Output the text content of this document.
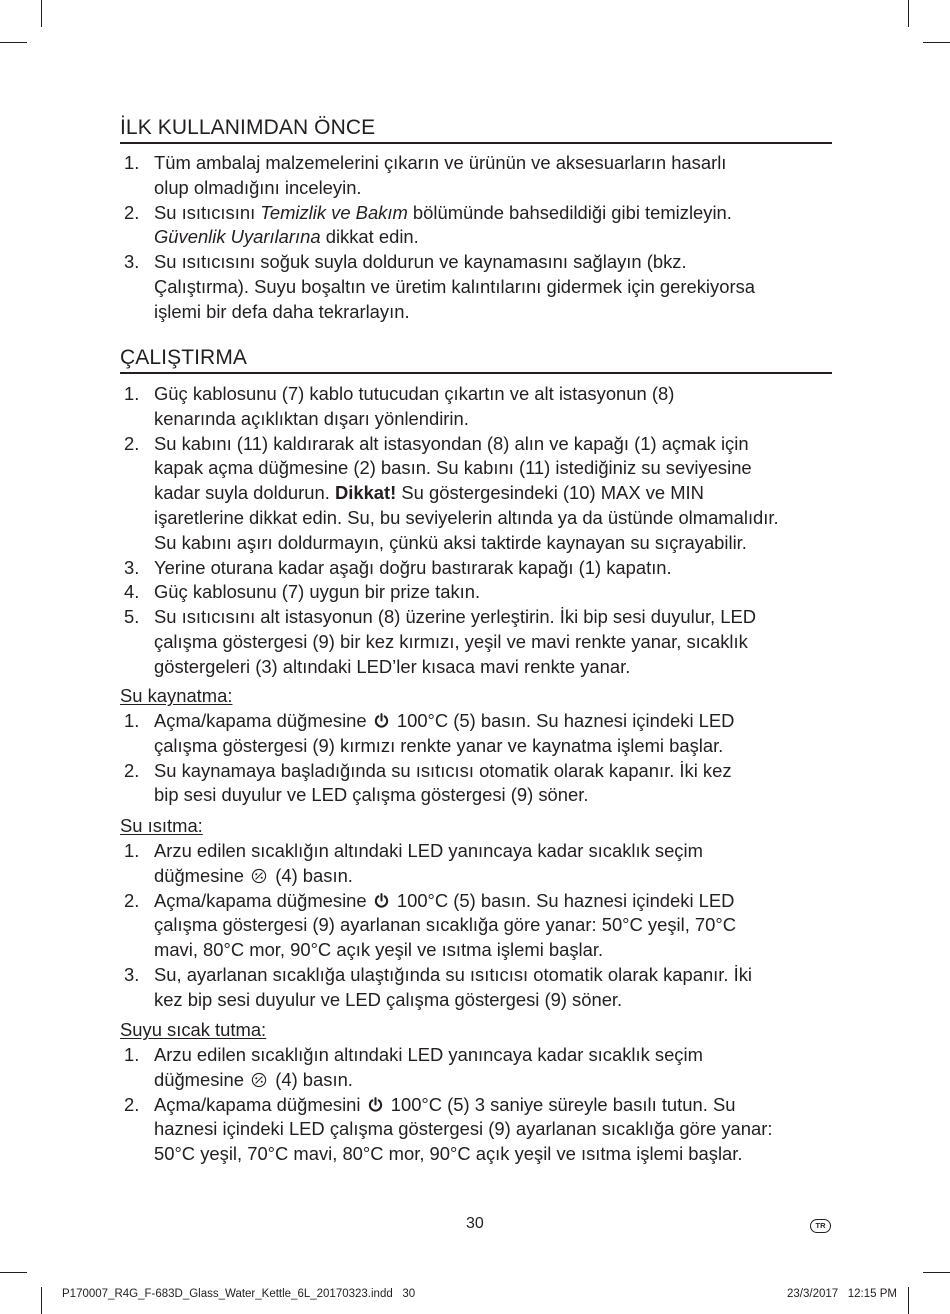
İLK KULLANIMDAN ÖNCE
1. Tüm ambalaj malzemelerini çıkarın ve ürünün ve aksesuarların hasarlı
olup olmadığını inceleyin.
2. Su ısıtıcısını Temizlik ve Bakım bölümünde bahsedildiği gibi temizleyin.
Güvenlik Uyarılarına dikkat edin.
3. Su ısıtıcısını soğuk suyla doldurun ve kaynamasını sağlayın (bkz.
Çalıştırma). Suyu boşaltın ve üretim kalıntılarını gidermek için gerekiyorsa
işlemi bir defa daha tekrarlayın.
ÇALIŞTIRMA
1. Güç kablosunu (7) kablo tutucudan çıkartın ve alt istasyonun (8)
kenarında açıklıktan dışarı yönlendirin.
2. Su kabını (11) kaldırarak alt istasyondan (8) alın ve kapağı (1) açmak için
kapak açma düğmesine (2) basın. Su kabını (11) istediğiniz su seviyesine
kadar suyla doldurun. Dikkat! Su göstergesindeki (10) MAX ve MIN
işaretlerine dikkat edin. Su, bu seviyelerin altında ya da üstünde olmamalıdır.
Su kabını aşırı doldurmayın, çünkü aksi taktirde kaynayan su sıçrayabilir.
3. Yerine oturana kadar aşağı doğru bastırarak kapağı (1) kapatın.
4. Güç kablosunu (7) uygun bir prize takın.
5. Su ısıtıcısını alt istasyonun (8) üzerine yerleştirin. İki bip sesi duyulur, LED
çalışma göstergesi (9) bir kez kırmızı, yeşil ve mavi renkte yanar, sıcaklık
göstergeleri (3) altındaki LED’ler kısaca mavi renkte yanar.
Su kaynatma:
1. Açma/kapama düğmesine 100°C (5) basın. Su haznesi içindeki LED
çalışma göstergesi (9) kırmızı renkte yanar ve kaynatma işlemi başlar.
2. Su kaynamaya başladığında su ısıtıcısı otomatik olarak kapanır. İki kez
bip sesi duyulur ve LED çalışma göstergesi (9) söner.
Su ısıtma:
1. Arzu edilen sıcaklığın altındaki LED yanıncaya kadar sıcaklık seçim
düğmesine (4) basın.
2. Açma/kapama düğmesine 100°C (5) basın. Su haznesi içindeki LED
çalışma göstergesi (9) ayarlanan sıcaklığa göre yanar: 50°C yeşil, 70°C
mavi, 80°C mor, 90°C açık yeşil ve ısıtma işlemi başlar.
3. Su, ayarlanan sıcaklığa ulaştığında su ısıtıcısı otomatik olarak kapanır. İki
kez bip sesi duyulur ve LED çalışma göstergesi (9) söner.
Suyu sıcak tutma:
1. Arzu edilen sıcaklığın altındaki LED yanıncaya kadar sıcaklık seçim
düğmesine (4) basın.
2. Açma/kapama düğmesini 100°C (5) 3 saniye süreyle basılı tutun. Su
haznesi içindeki LED çalışma göstergesi (9) ayarlanan sıcaklığa göre yanar:
50°C yeşil, 70°C mavi, 80°C mor, 90°C açık yeşil ve ısıtma işlemi başlar.
30	TR
P170007_R4G_F-683D_Glass_Water_Kettle_6L_20170323.indd   30	23/3/2017   12:15 PM
